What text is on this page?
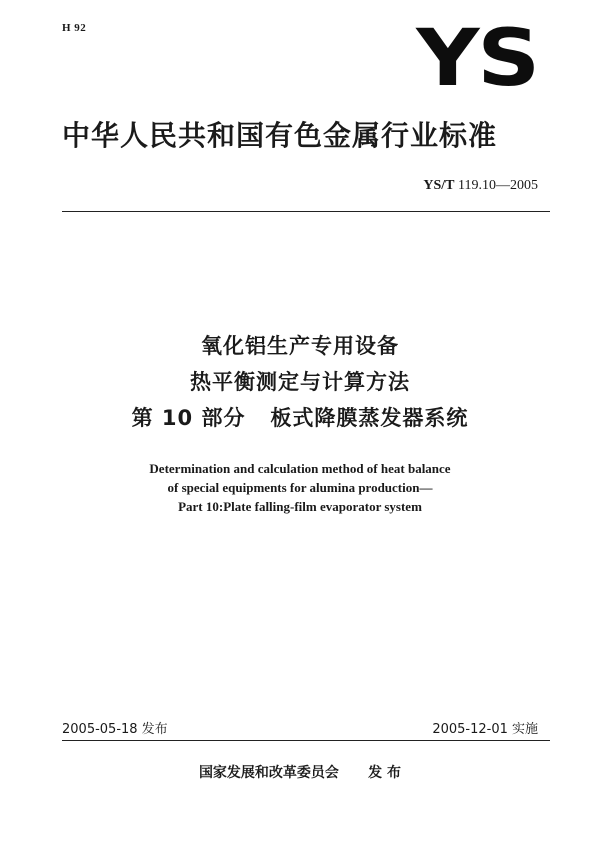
H 92	YS
中华人民共和国有色金属行业标准
YS/T 119.10—2005
氧化铝生产专用设备
热平衡测定与计算方法
第 10 部分   板式降膜蒸发器系统
Determination and calculation method of heat balance
of special equipments for alumina production—
Part 10:Plate falling-film evaporator system
2005-05-18 发布	2005-12-01 实施
国家发展和改革委员会      发 布
